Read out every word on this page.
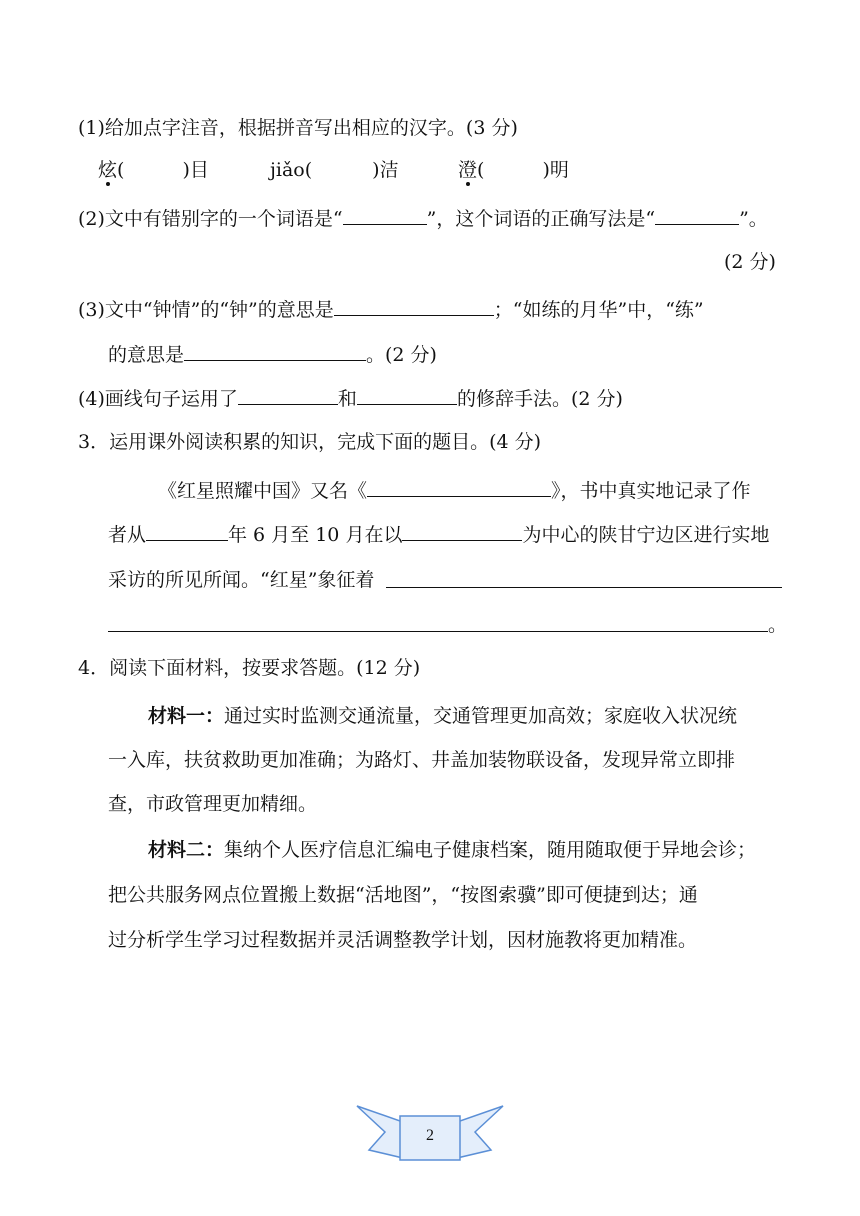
(1)给加点字注音，根据拼音写出相应的汉字。(3 分)
炫(	)目	jiǎo(	)洁	澄(	)明
(2)文中有错别字的一个词语是“	”，这个词语的正确写法是“	”。
(2 分)
(3)文中“钟情”的“钟”的意思是	；“如练的月华”中，“练”
的意思是	。(2 分)
(4)画线句子运用了	和	的修辞手法。(2 分)
3．运用课外阅读积累的知识，完成下面的题目。(4 分)
《红星照耀中国》又名《	》，书中真实地记录了作
者从	年 6 月至 10 月在以	为中心的陕甘宁边区进行实地
采访的所见所闻。“红星”象征着
。
4．阅读下面材料，按要求答题。(12 分)
材料一：通过实时监测交通流量，交通管理更加高效；家庭收入状况统
一入库，扶贫救助更加准确；为路灯、井盖加装物联设备，发现异常立即排
查，市政管理更加精细。
材料二：集纳个人医疗信息汇编电子健康档案，随用随取便于异地会诊；
把公共服务网点位置搬上数据“活地图”，“按图索骥”即可便捷到达；通
过分析学生学习过程数据并灵活调整教学计划，因材施教将更加精准。
2
